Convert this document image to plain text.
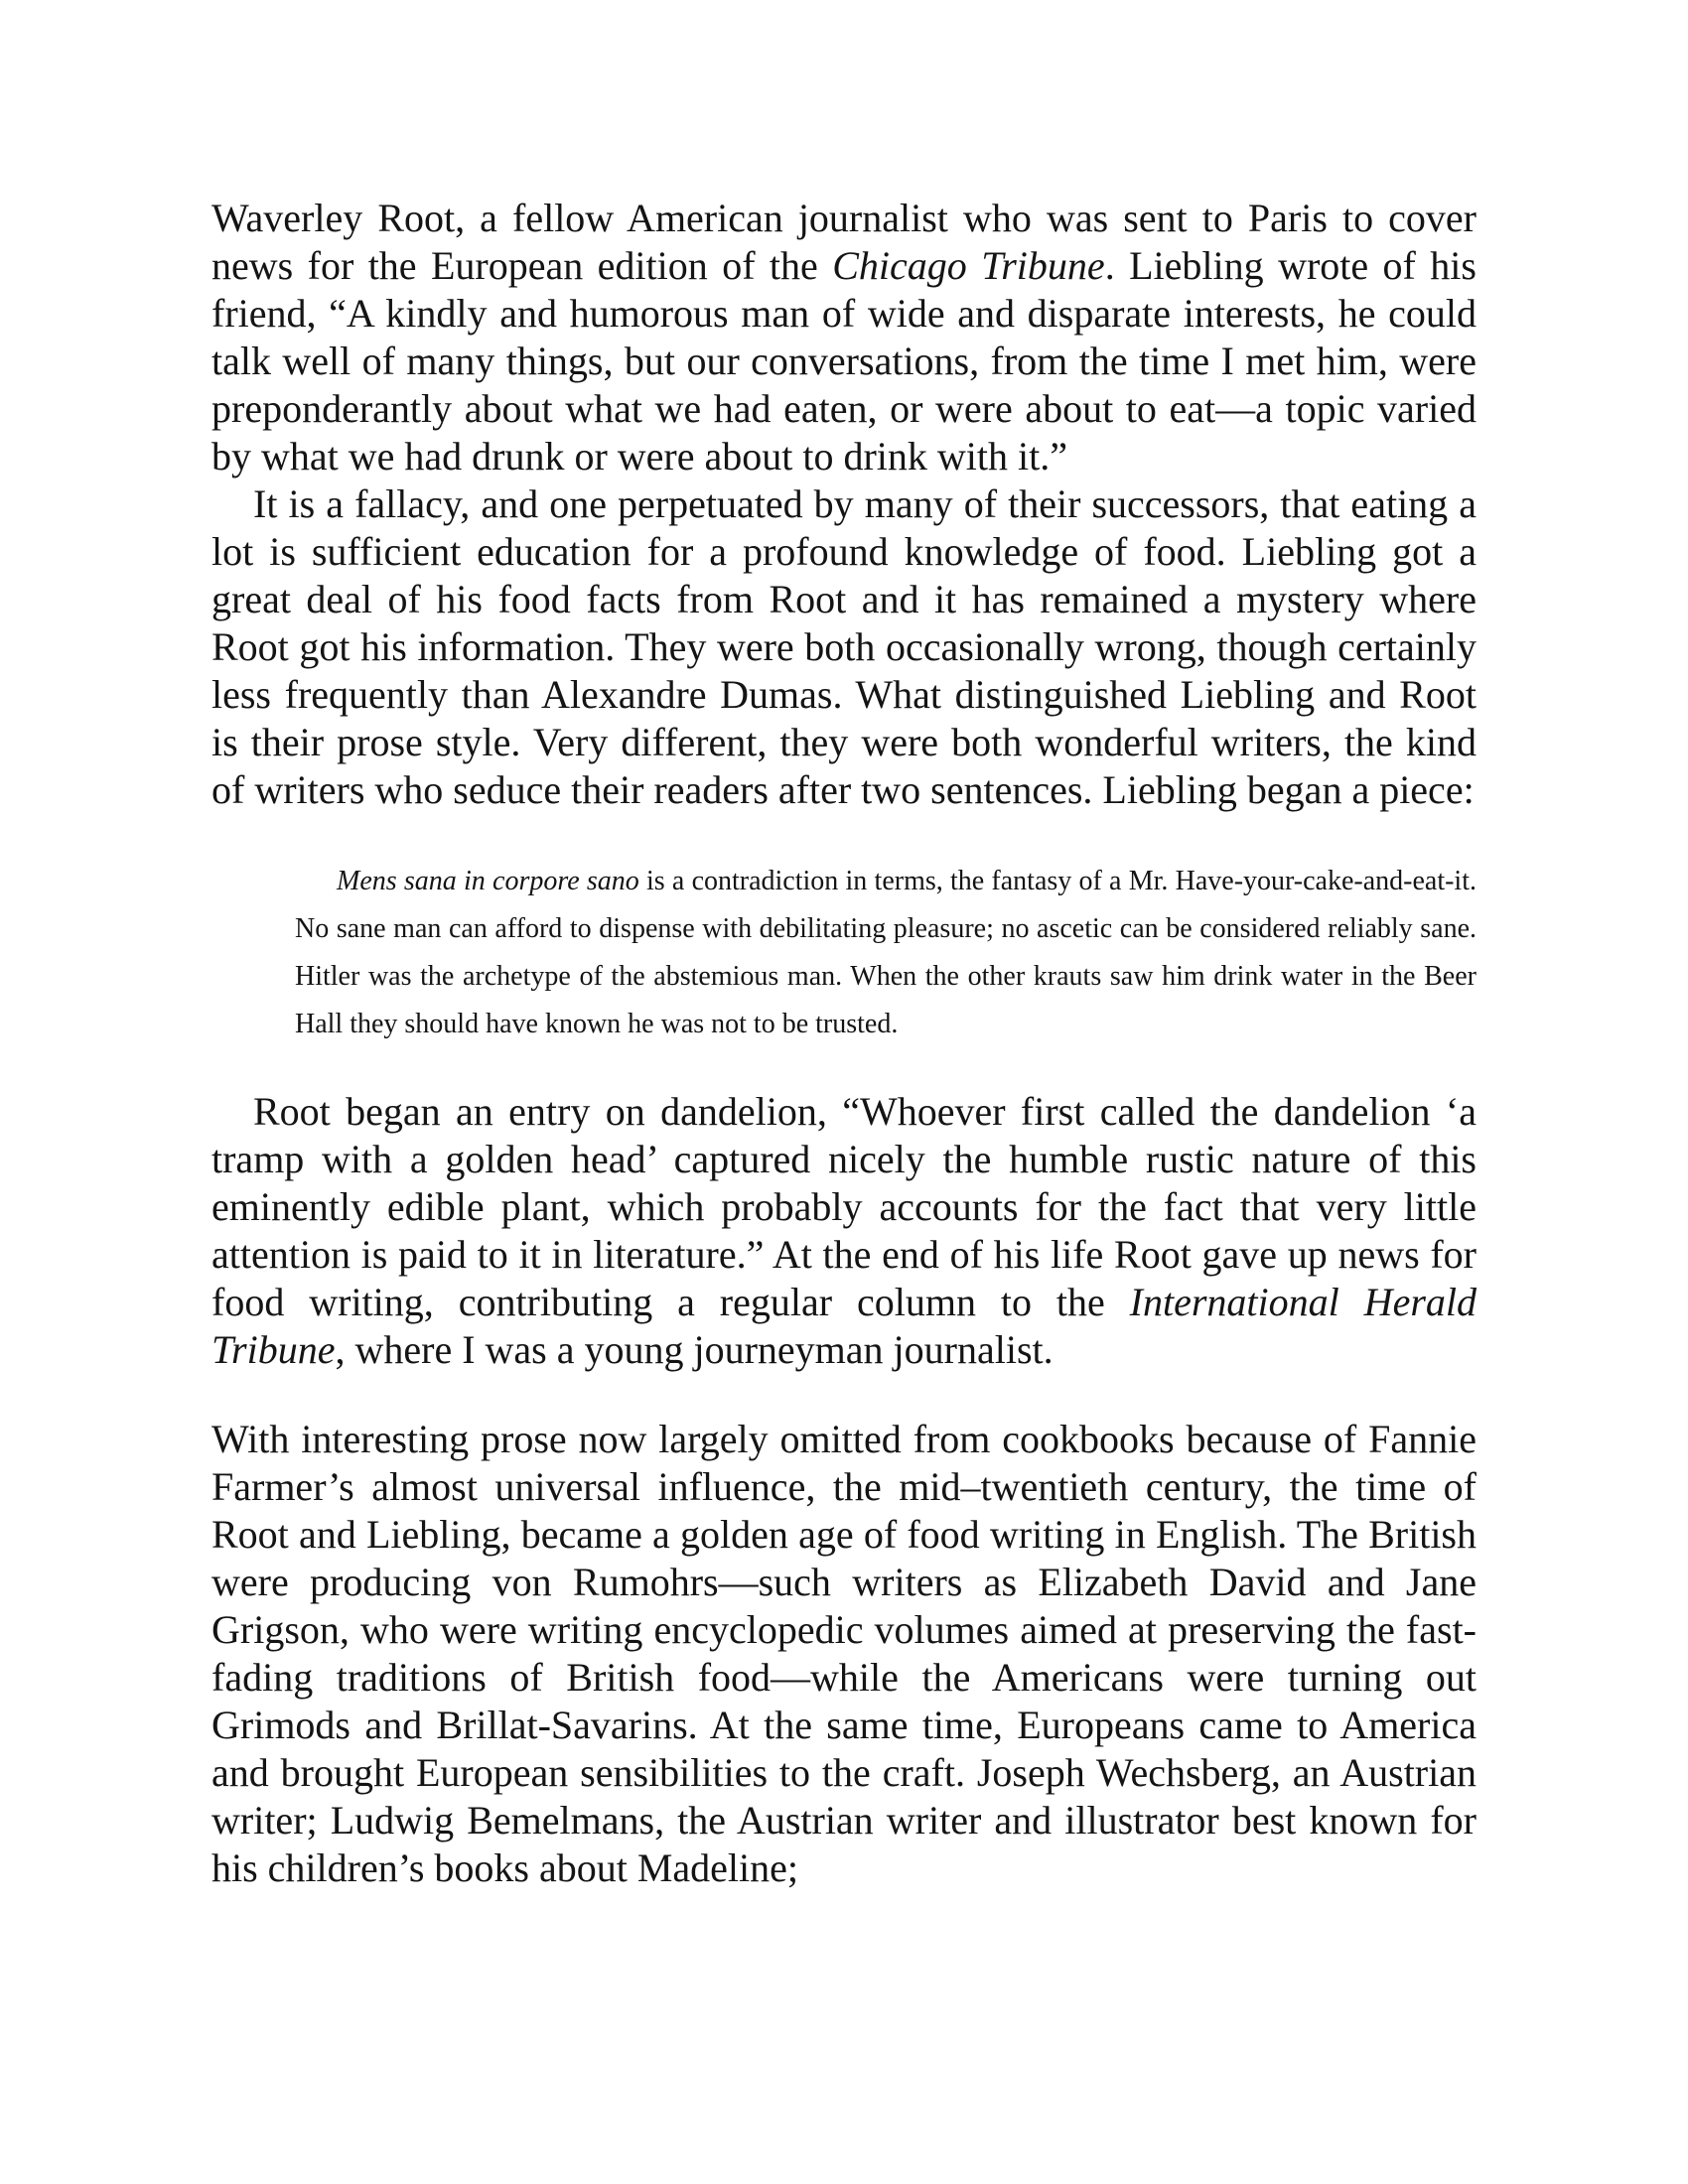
Waverley Root, a fellow American journalist who was sent to Paris to cover news for the European edition of the Chicago Tribune. Liebling wrote of his friend, “A kindly and humorous man of wide and disparate interests, he could talk well of many things, but our conversations, from the time I met him, were preponderantly about what we had eaten, or were about to eat—a topic varied by what we had drunk or were about to drink with it.”

It is a fallacy, and one perpetuated by many of their successors, that eating a lot is sufficient education for a profound knowledge of food. Liebling got a great deal of his food facts from Root and it has remained a mystery where Root got his information. They were both occasionally wrong, though certainly less frequently than Alexandre Dumas. What distinguished Liebling and Root is their prose style. Very different, they were both wonderful writers, the kind of writers who seduce their readers after two sentences. Liebling began a piece:

Mens sana in corpore sano is a contradiction in terms, the fantasy of a Mr. Have-your-cake-and-eat-it. No sane man can afford to dispense with debilitating pleasure; no ascetic can be considered reliably sane. Hitler was the archetype of the abstemious man. When the other krauts saw him drink water in the Beer Hall they should have known he was not to be trusted.

Root began an entry on dandelion, “Whoever first called the dandelion ‘a tramp with a golden head’ captured nicely the humble rustic nature of this eminently edible plant, which probably accounts for the fact that very little attention is paid to it in literature.” At the end of his life Root gave up news for food writing, contributing a regular column to the International Herald Tribune, where I was a young journeyman journalist.

With interesting prose now largely omitted from cookbooks because of Fannie Farmer’s almost universal influence, the mid–twentieth century, the time of Root and Liebling, became a golden age of food writing in English. The British were producing von Rumohrs—such writers as Elizabeth David and Jane Grigson, who were writing encyclopedic volumes aimed at preserving the fast-fading traditions of British food—while the Americans were turning out Grimods and Brillat-Savarins. At the same time, Europeans came to America and brought European sensibilities to the craft. Joseph Wechsberg, an Austrian writer; Ludwig Bemelmans, the Austrian writer and illustrator best known for his children’s books about Madeline;
